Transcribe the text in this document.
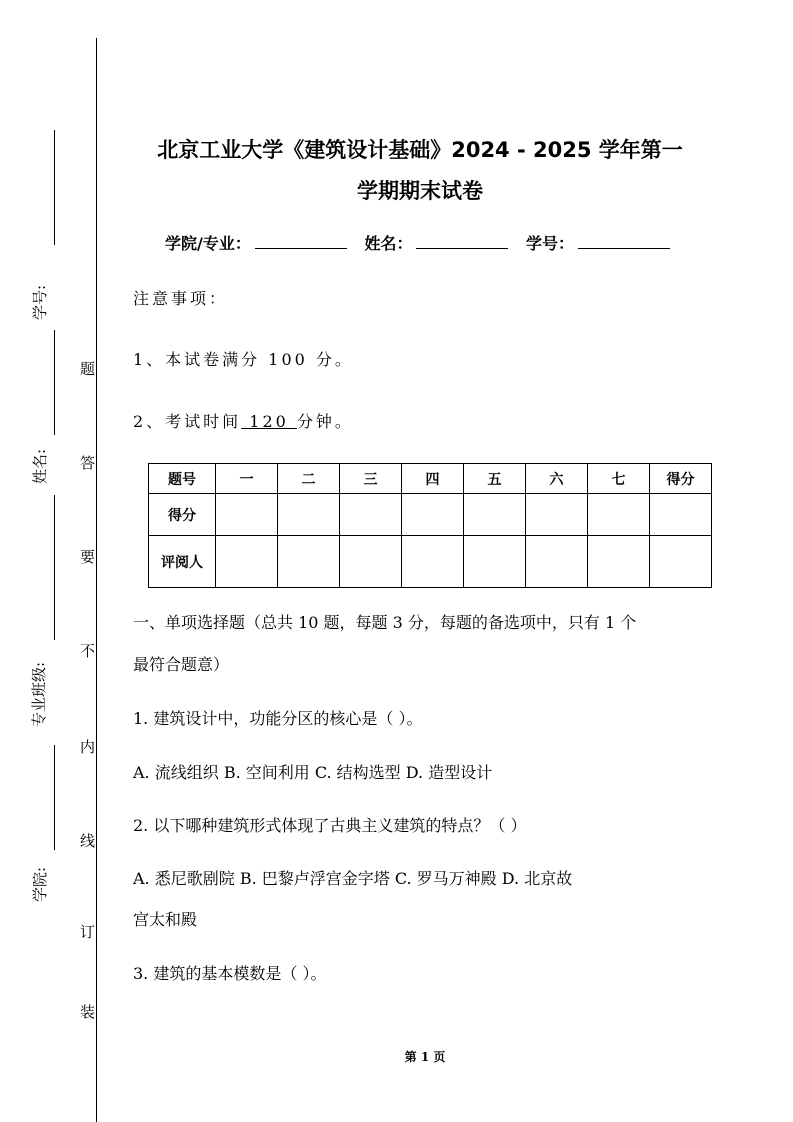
学号:
姓名:
专业班级:
学院:
题
答
要
不
内
线
订
装
北京工业大学《建筑设计基础》2024 - 2025 学年第一
学期期末试卷
学院/专业：	姓名：	学号：
注意事项：
1、本试卷满分 100 分。
2、考试时间 120 分钟。
题号	一	二	三	四	五	六	七	得分
得分								
评阅人								
一、单项选择题（总共 10 题，每题 3 分，每题的备选项中，只有 1 个
最符合题意）
1. 建筑设计中，功能分区的核心是（ ）。
A. 流线组织 B. 空间利用 C. 结构选型 D. 造型设计
2. 以下哪种建筑形式体现了古典主义建筑的特点？（ ）
A. 悉尼歌剧院 B. 巴黎卢浮宫金字塔 C. 罗马万神殿 D. 北京故
宫太和殿
3. 建筑的基本模数是（ ）。
第 1 页
